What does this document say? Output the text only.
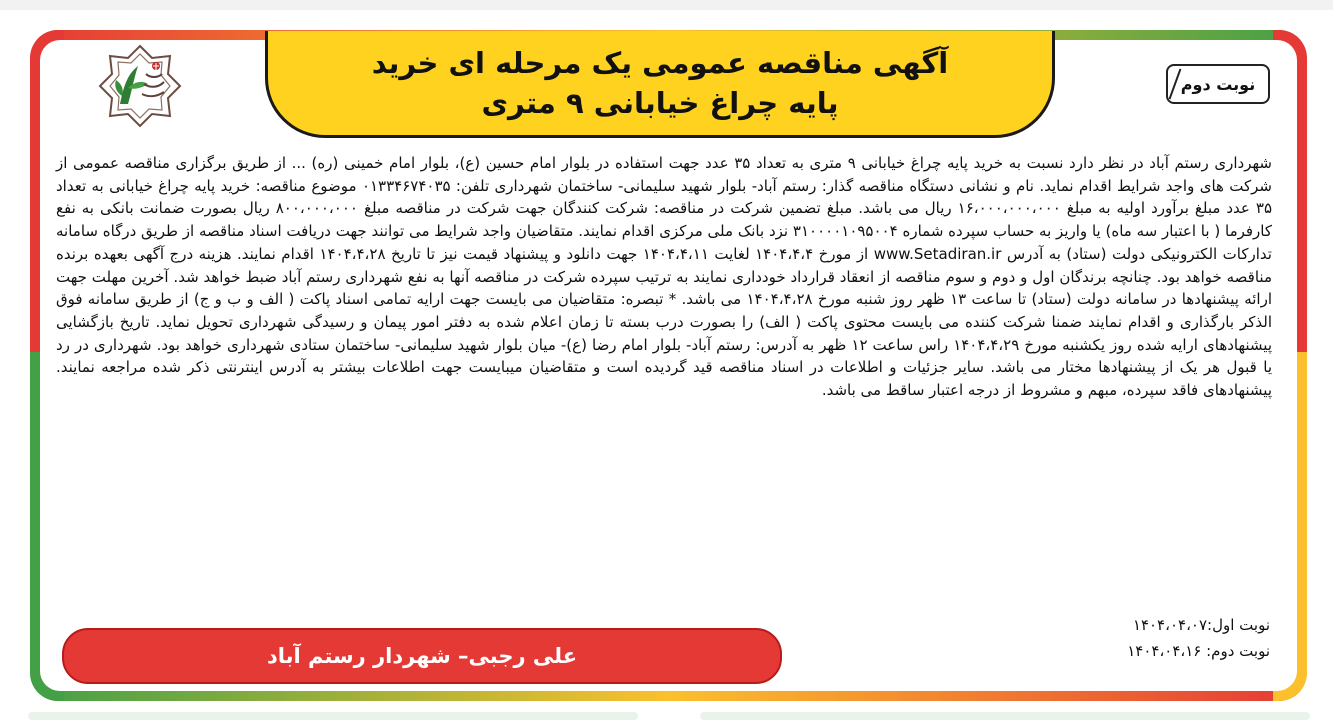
آگهی مناقصه عمومی یک مرحله ای خرید
پایه چراغ خیابانی ۹ متری
نوبت دوم

شهرداری رستم آباد در نظر دارد نسبت به خرید پایه چراغ خیابانی ۹ متری به تعداد ۳۵ عدد جهت استفاده در بلوار امام حسین (ع)، بلوار امام خمینی (ره) ... از طریق برگزاری مناقصه عمومی از شرکت های واجد شرایط اقدام نماید. نام و نشانی دستگاه مناقصه گذار: رستم آباد- بلوار شهید سلیمانی- ساختمان شهرداری تلفن: ۰۱۳۳۴۶۷۴۰۳۵ موضوع مناقصه: خرید پایه چراغ خیابانی به تعداد ۳۵ عدد مبلغ برآورد اولیه به مبلغ ۱۶،۰۰۰،۰۰۰،۰۰۰ ریال می باشد. مبلغ تضمین شرکت در مناقصه: شرکت کنندگان جهت شرکت در مناقصه مبلغ ۸۰۰،۰۰۰،۰۰۰ ریال بصورت ضمانت بانکی به نفع کارفرما ( با اعتبار سه ماه) یا واریز به حساب سپرده شماره ۳۱۰۰۰۰۱۰۹۵۰۰۴ نزد بانک ملی مرکزی اقدام نمایند. متقاضیان واجد شرایط می توانند جهت دریافت اسناد مناقصه از طریق درگاه سامانه تدارکات الکترونیکی دولت (ستاد) به آدرس www.Setadiran.ir از مورخ ۱۴۰۴،۴،۴ لغایت ۱۴۰۴،۴،۱۱ جهت دانلود و پیشنهاد قیمت نیز تا تاریخ ۱۴۰۴،۴،۲۸ اقدام نمایند. هزینه درج آگهی بعهده برنده مناقصه خواهد بود. چنانچه برندگان اول و دوم و سوم مناقصه از انعقاد قرارداد خودداری نمایند به ترتیب سپرده شرکت در مناقصه آنها به نفع شهرداری رستم آباد ضبط خواهد شد. آخرین مهلت جهت ارائه پیشنهادها در سامانه دولت (ستاد) تا ساعت ۱۳ ظهر روز شنبه مورخ ۱۴۰۴،۴،۲۸ می باشد. * تبصره: متقاضیان می بایست جهت ارایه تمامی اسناد پاکت ( الف و ب و ج) از طریق سامانه فوق الذکر بارگذاری و اقدام نمایند ضمنا شرکت کننده می بایست محتوی پاکت ( الف) را بصورت درب بسته تا زمان اعلام شده به دفتر امور پیمان و رسیدگی شهرداری تحویل نماید. تاریخ بازگشایی پیشنهادهای ارایه شده روز یکشنبه مورخ ۱۴۰۴،۴،۲۹ راس ساعت ۱۲ ظهر به آدرس: رستم آباد- بلوار امام رضا (ع)- میان بلوار شهید سلیمانی- ساختمان ستادی شهرداری خواهد بود. شهرداری در رد یا قبول هر یک از پیشنهادها مختار می باشد. سایر جزئیات و اطلاعات در اسناد مناقصه قید گردیده است و متقاضیان میبایست جهت اطلاعات بیشتر به آدرس اینترنتی ذکر شده مراجعه نمایند. پیشنهادهای فاقد سپرده، مبهم و مشروط از درجه اعتبار ساقط می باشد.

نوبت اول:۱۴۰۴،۰۴،۰۷
نوبت دوم: ۱۴۰۴،۰۴،۱۶
علی رجبی– شهردار رستم آباد
